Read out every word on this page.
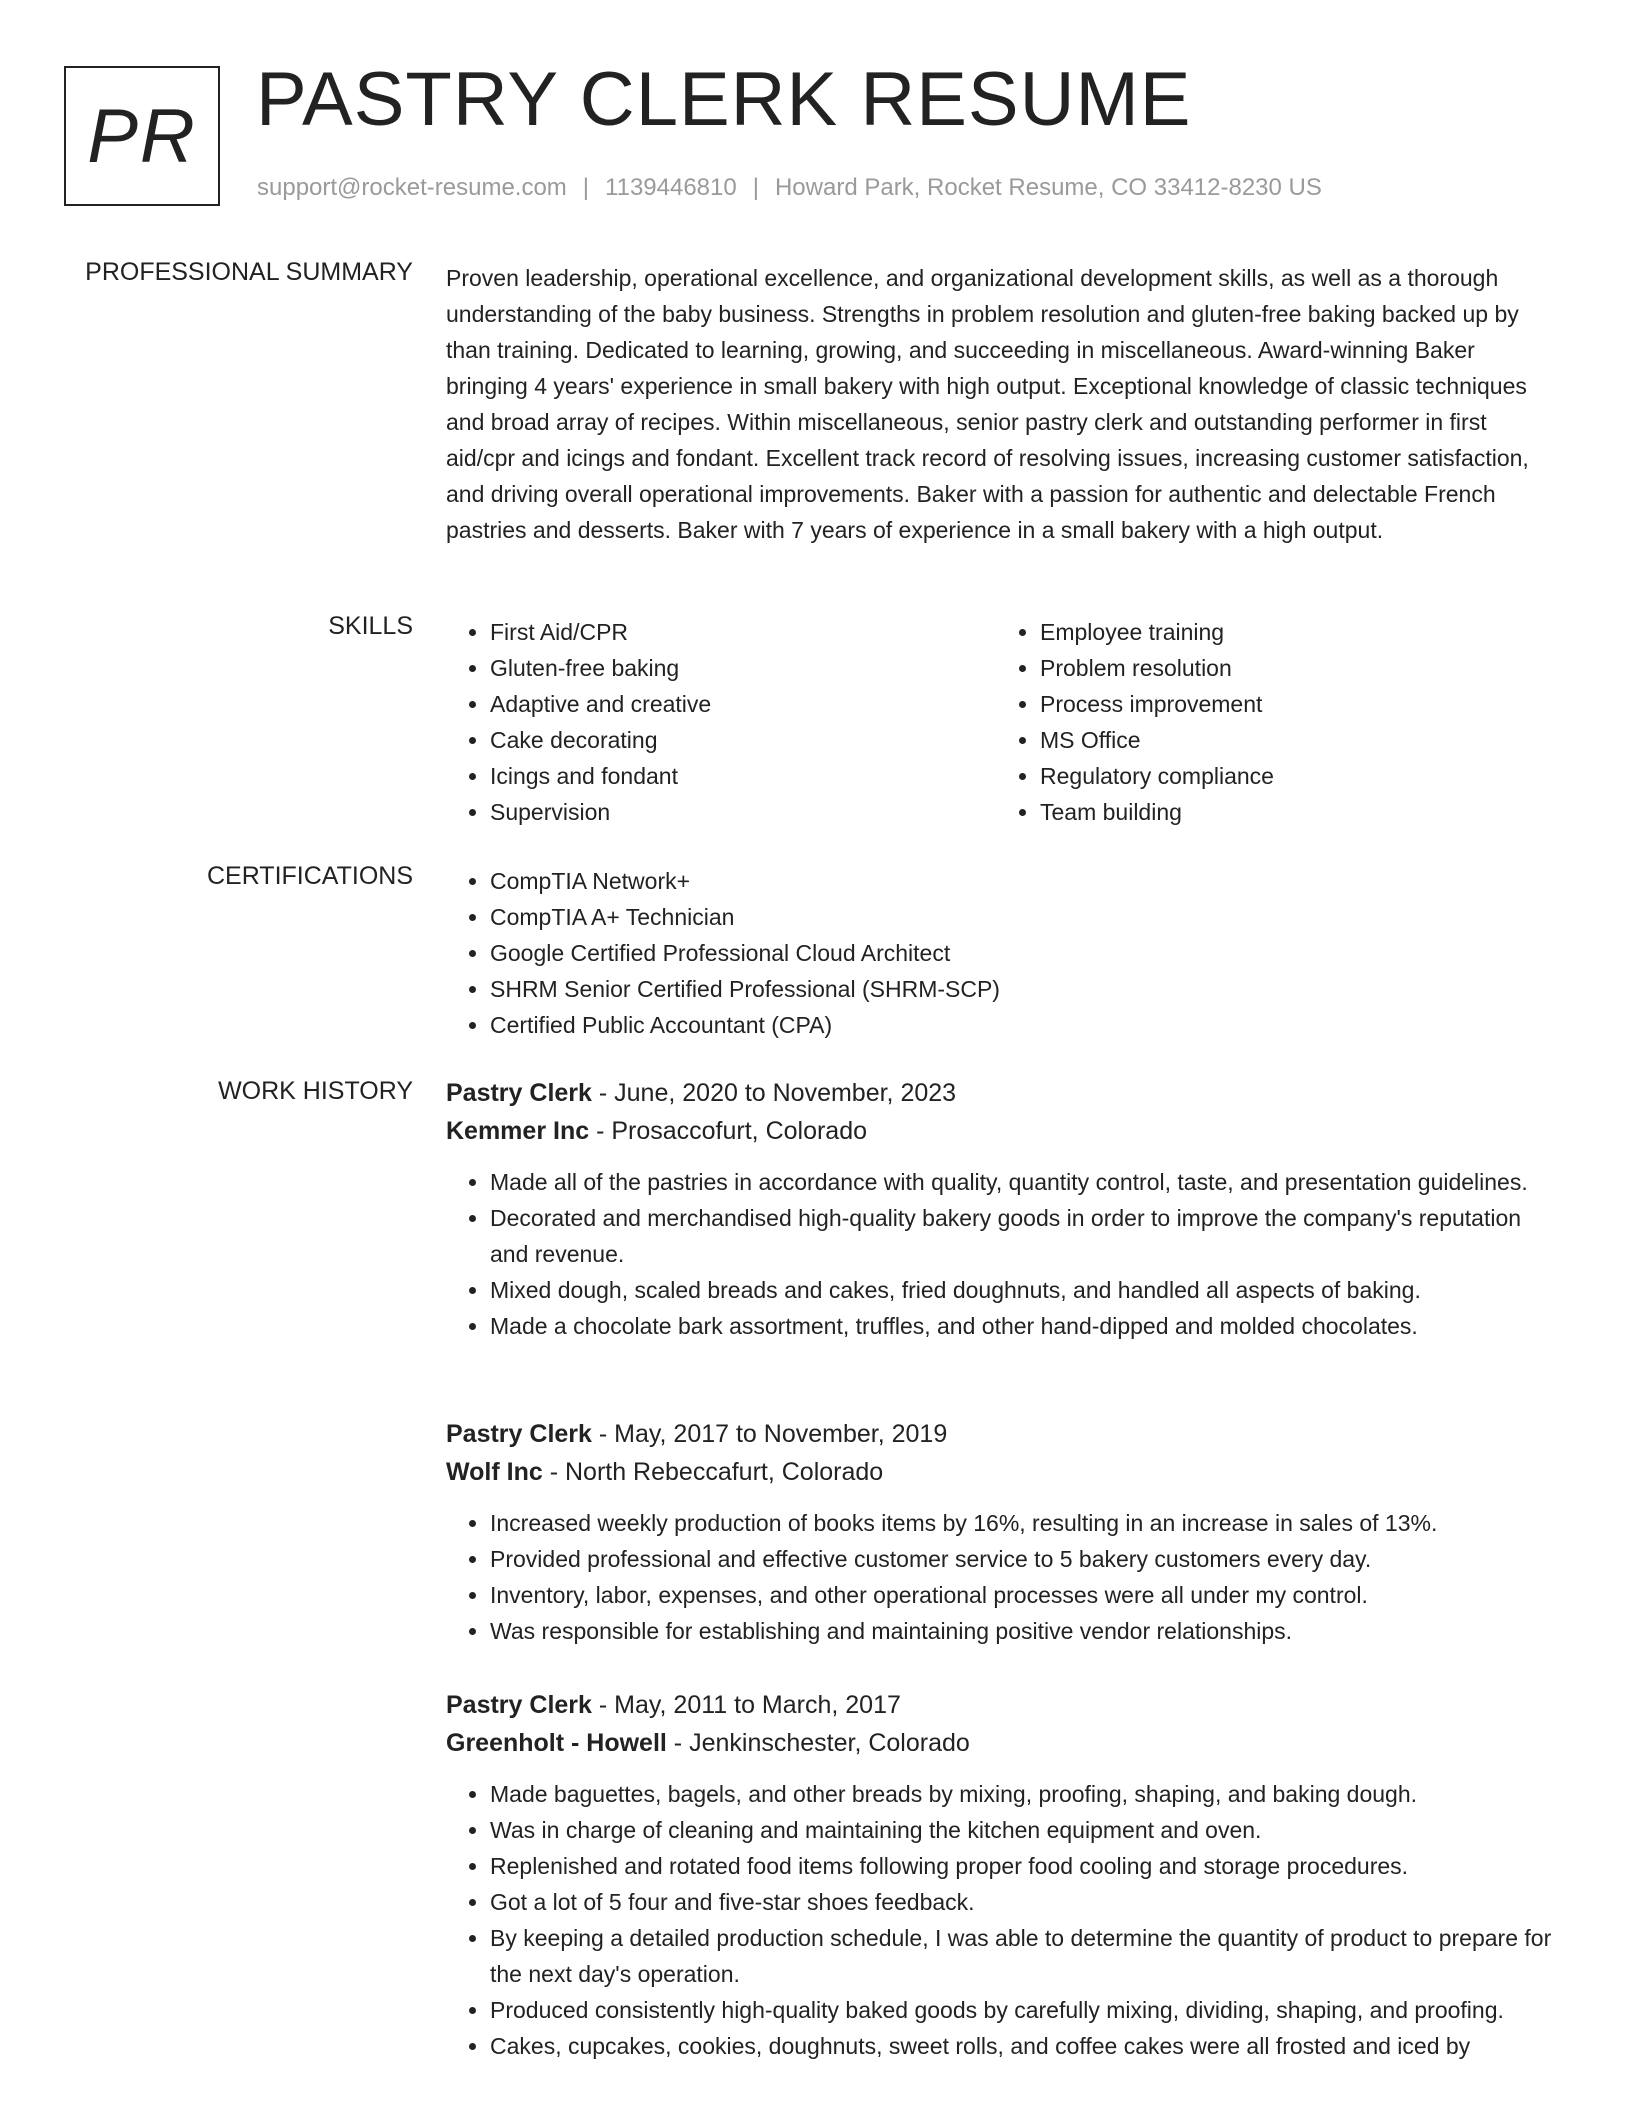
PR PASTRY CLERK RESUME
support@rocket-resume.com | 1139446810 | Howard Park, Rocket Resume, CO 33412-8230 US
PROFESSIONAL SUMMARY Proven leadership, operational excellence, and organizational development skills, as well as a thorough understanding of the baby business. Strengths in problem resolution and gluten-free baking backed up by than training. Dedicated to learning, growing, and succeeding in miscellaneous. Award-winning Baker bringing 4 years' experience in small bakery with high output. Exceptional knowledge of classic techniques and broad array of recipes. Within miscellaneous, senior pastry clerk and outstanding performer in first aid/cpr and icings and fondant. Excellent track record of resolving issues, increasing customer satisfaction, and driving overall operational improvements. Baker with a passion for authentic and delectable French pastries and desserts. Baker with 7 years of experience in a small bakery with a high output.

SKILLS	• First Aid/CPR
• Gluten-free baking
• Adaptive and creative
• Cake decorating
• Icings and fondant
• Supervision
• Employee training
• Problem resolution
• Process improvement
• MS Office
• Regulatory compliance
• Team building
CERTIFICATIONS	• CompTIA Network+
• CompTIA A+ Technician
• Google Certified Professional Cloud Architect
• SHRM Senior Certified Professional (SHRM-SCP)
• Certified Public Accountant (CPA)
WORK HISTORY Pastry Clerk - June, 2020 to November, 2023
Kemmer Inc - Prosaccofurt, Colorado
• Made all of the pastries in accordance with quality, quantity control, taste, and presentation guidelines.
• Decorated and merchandised high-quality bakery goods in order to improve the company's reputation and revenue.
• Mixed dough, scaled breads and cakes, fried doughnuts, and handled all aspects of baking.
• Made a chocolate bark assortment, truffles, and other hand-dipped and molded chocolates.
Pastry Clerk - May, 2017 to November, 2019
Wolf Inc - North Rebeccafurt, Colorado
• Increased weekly production of books items by 16%, resulting in an increase in sales of 13%.
• Provided professional and effective customer service to 5 bakery customers every day.
• Inventory, labor, expenses, and other operational processes were all under my control.
• Was responsible for establishing and maintaining positive vendor relationships.
Pastry Clerk - May, 2011 to March, 2017
Greenholt - Howell - Jenkinschester, Colorado
• Made baguettes, bagels, and other breads by mixing, proofing, shaping, and baking dough.
• Was in charge of cleaning and maintaining the kitchen equipment and oven.
• Replenished and rotated food items following proper food cooling and storage procedures.
• Got a lot of 5 four and five-star shoes feedback.
• By keeping a detailed production schedule, I was able to determine the quantity of product to prepare for the next day's operation.
• Produced consistently high-quality baked goods by carefully mixing, dividing, shaping, and proofing.
• Cakes, cupcakes, cookies, doughnuts, sweet rolls, and coffee cakes were all frosted and iced by
